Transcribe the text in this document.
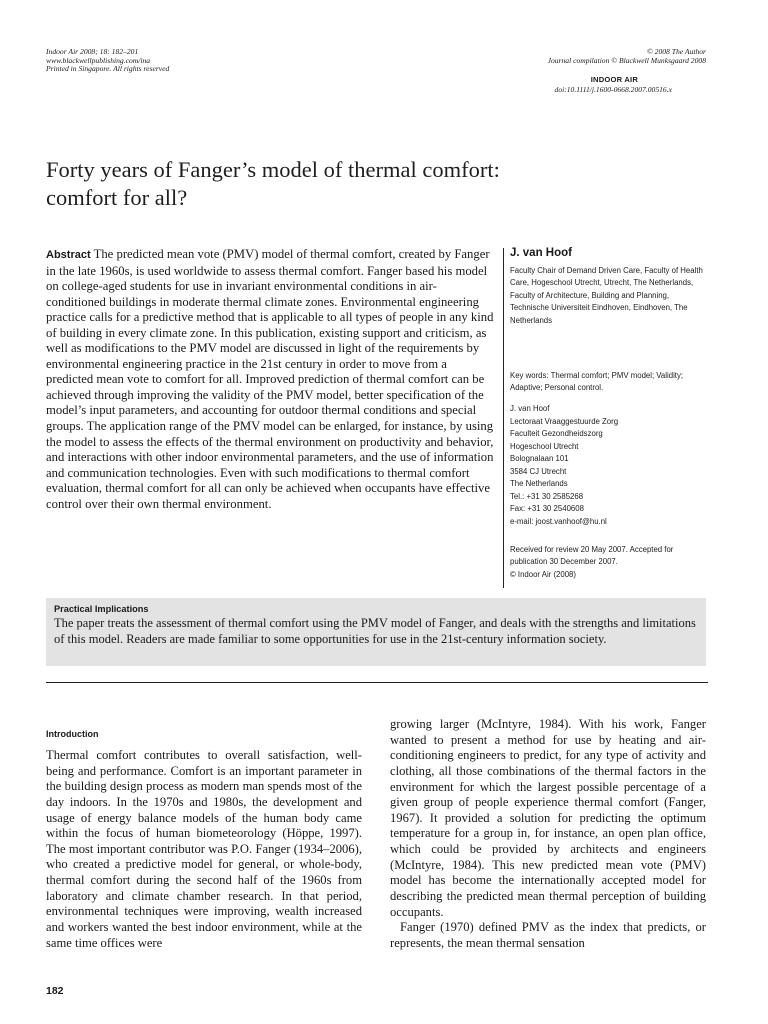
Indoor Air 2008; 18: 182–201
www.blackwellpublishing.com/ina
Printed in Singapore. All rights reserved
© 2008 The Author
Journal compilation © Blackwell Munksgaard 2008
INDOOR AIR
doi:10.1111/j.1600-0668.2007.00516.x
Forty years of Fanger’s model of thermal comfort:
comfort for all?
Abstract The predicted mean vote (PMV) model of thermal comfort, created by Fanger in the late 1960s, is used worldwide to assess thermal comfort. Fanger based his model on college-aged students for use in invariant environmental conditions in air-conditioned buildings in moderate thermal climate zones. Environmental engineering practice calls for a predictive method that is applicable to all types of people in any kind of building in every climate zone. In this publication, existing support and criticism, as well as modifications to the PMV model are discussed in light of the requirements by environmental engineering practice in the 21st century in order to move from a predicted mean vote to comfort for all. Improved prediction of thermal comfort can be achieved through improving the validity of the PMV model, better specification of the model’s input parameters, and accounting for outdoor thermal conditions and special groups. The application range of the PMV model can be enlarged, for instance, by using the model to assess the effects of the thermal environment on productivity and behavior, and interactions with other indoor environmental parameters, and the use of information and communication technologies. Even with such modifications to thermal comfort evaluation, thermal comfort for all can only be achieved when occupants have effective control over their own thermal environment.
J. van Hoof
Faculty Chair of Demand Driven Care, Faculty of Health
Care, Hogeschool Utrecht, Utrecht, The Netherlands,
Faculty of Architecture, Building and Planning,
Technische Universiteit Eindhoven, Eindhoven, The
Netherlands
Key words: Thermal comfort; PMV model; Validity;
Adaptive; Personal control.
J. van Hoof
Lectoraat Vraaggestuurde Zorg
Faculteit Gezondheidszorg
Hogeschool Utrecht
Bolognalaan 101
3584 CJ Utrecht
The Netherlands
Tel.: +31 30 2585268
Fax: +31 30 2540608
e-mail: joost.vanhoof@hu.nl
Received for review 20 May 2007. Accepted for
publication 30 December 2007.
© Indoor Air (2008)
Practical Implications
The paper treats the assessment of thermal comfort using the PMV model of Fanger, and deals with the strengths and limitations of this model. Readers are made familiar to some opportunities for use in the 21st-century information society.
Introduction
Thermal comfort contributes to overall satisfaction, well-being and performance. Comfort is an important parameter in the building design process as modern man spends most of the day indoors. In the 1970s and 1980s, the development and usage of energy balance models of the human body came within the focus of human biometeorology (Höppe, 1997). The most important contributor was P.O. Fanger (1934–2006), who created a predictive model for general, or whole-body, thermal comfort during the second half of the 1960s from laboratory and climate chamber research. In that period, environmental techniques were improving, wealth increased and workers wanted the best indoor environment, while at the same time offices were
growing larger (McIntyre, 1984). With his work, Fanger wanted to present a method for use by heating and air-conditioning engineers to predict, for any type of activity and clothing, all those combinations of the thermal factors in the environment for which the largest possible percentage of a given group of people experience thermal comfort (Fanger, 1967). It provided a solution for predicting the optimum temperature for a group in, for instance, an open plan office, which could be provided by architects and engineers (McIntyre, 1984). This new predicted mean vote (PMV) model has become the internationally accepted model for describing the predicted mean thermal perception of building occupants.
Fanger (1970) defined PMV as the index that predicts, or represents, the mean thermal sensation
182
